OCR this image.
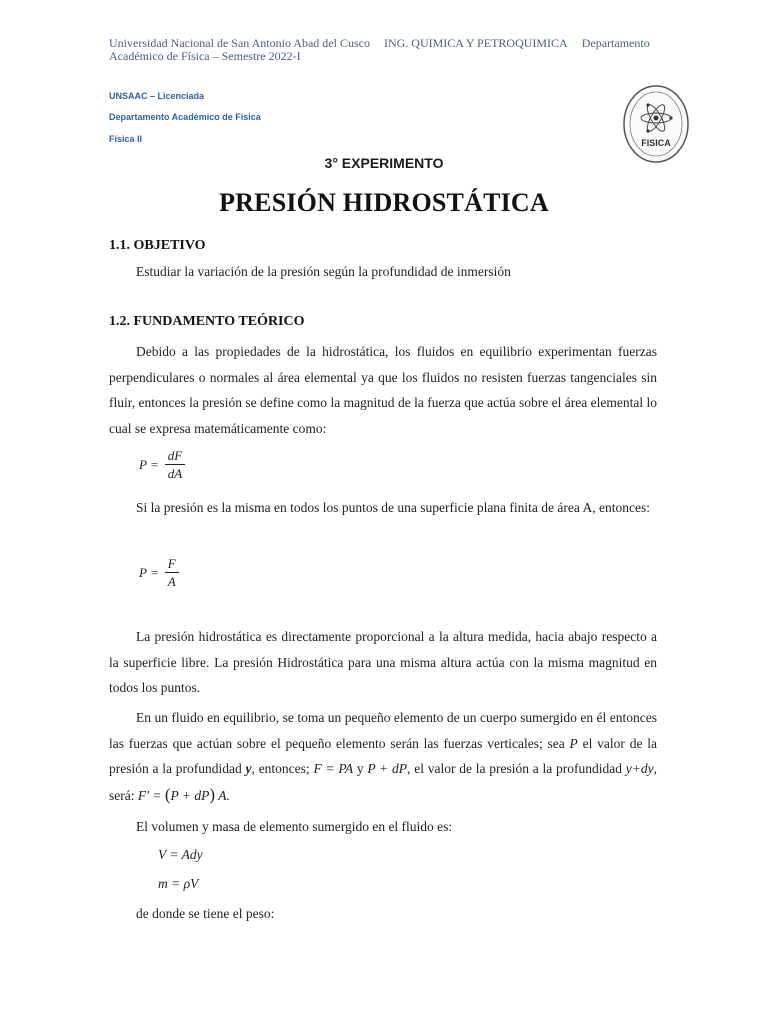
Universidad Nacional de San Antonio Abad del Cusco ING. QUIMICA Y PETROQUIMICA Departamento
Académico de Física – Semestre 2022-I
UNSAAC – Licenciada
Departamento Académico de Física
Física II	FISICA
3° EXPERIMENTO
PRESIÓN HIDROSTÁTICA
1.1. OBJETIVO
Estudiar la variación de la presión según la profundidad de inmersión
1.2. FUNDAMENTO TEÓRICO
Debido a las propiedades de la hidrostática, los fluidos en equilibrio experimentan fuerzas perpendiculares o normales al área elemental ya que los fluidos no resisten fuerzas tangenciales sin fluir, entonces la presión se define como la magnitud de la fuerza que actúa sobre el área elemental lo cual se expresa matemáticamente como:
$P = \frac{dF}{dA}$
Si la presión es la misma en todos los puntos de una superficie plana finita de área A, entonces:
$P = \frac{F}{A}$
La presión hidrostática es directamente proporcional a la altura medida, hacia abajo respecto a la superficie libre. La presión Hidrostática para una misma altura actúa con la misma magnitud en todos los puntos.
En un fluido en equilibrio, se toma un pequeño elemento de un cuerpo sumergido en él entonces las fuerzas que actúan sobre el pequeño elemento serán las fuerzas verticales; sea P el valor de la presión a la profundidad y, entonces; F = PA y P + dP, el valor de la presión a la profundidad y+dy, será: F' = (P + dP) A.
El volumen y masa de elemento sumergido en el fluido es:
V = Ady
m = ρV
de donde se tiene el peso:
